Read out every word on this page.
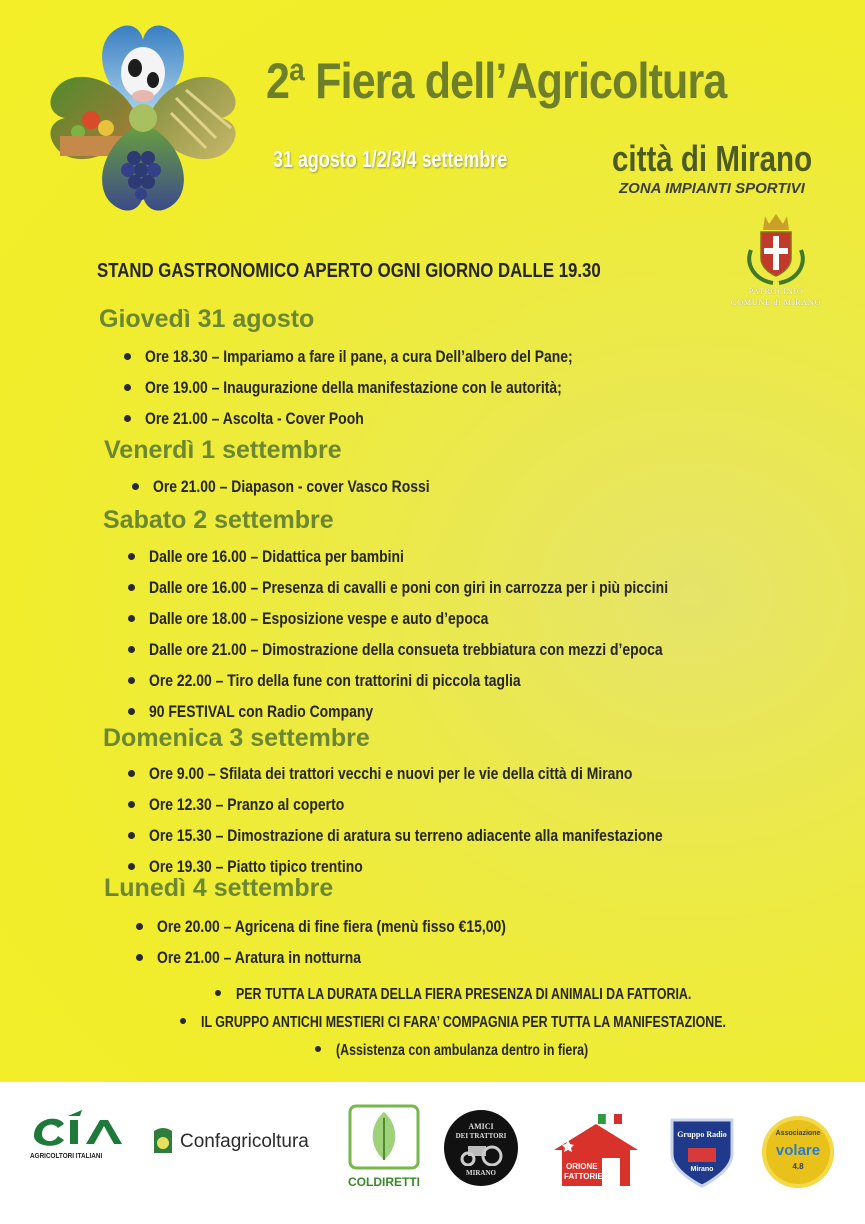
2ª Fiera dell’Agricoltura
31 agosto 1/2/3/4 settembre	città di Mirano
ZONA IMPIANTI SPORTIVI
PATROCINIO
COMUNE di MIRANO
STAND GASTRONOMICO APERTO OGNI GIORNO DALLE 19.30
Giovedì 31 agosto
Ore 18.30 – Impariamo a fare il pane, a cura Dell’albero del Pane;
Ore 19.00 – Inaugurazione della manifestazione con le autorità;
Ore 21.00 – Ascolta - Cover Pooh
Venerdì 1 settembre
Ore 21.00 – Diapason - cover Vasco Rossi
Sabato 2 settembre
Dalle ore 16.00 – Didattica per bambini
Dalle ore 16.00 – Presenza di cavalli e poni con giri in carrozza per i più piccini
Dalle ore 18.00 – Esposizione vespe e auto d’epoca
Dalle ore 21.00 – Dimostrazione della consueta trebbiatura con mezzi d’epoca
Ore 22.00 – Tiro della fune con trattorini di piccola taglia
90 FESTIVAL con Radio Company
Domenica 3 settembre
Ore 9.00 – Sfilata dei trattori vecchi e nuovi per le vie della città di Mirano
Ore 12.30 – Pranzo al coperto
Ore 15.30 – Dimostrazione di aratura su terreno adiacente alla manifestazione
Ore 19.30 – Piatto tipico trentino
Lunedì 4 settembre
Ore 20.00 – Agricena di fine fiera (menù fisso €15,00)
Ore 21.00 – Aratura in notturna
PER TUTTA LA DURATA DELLA FIERA PRESENZA DI ANIMALI DA FATTORIA.
IL GRUPPO ANTICHI MESTIERI CI FARA’ COMPAGNIA PER TUTTA LA MANIFESTAZIONE.
(Assistenza con ambulanza dentro in fiera)
AGRICOLTORI ITALIANI
Confagricoltura
COLDIRETTI
AMICI
DEI TRATTORI
MIRANO
ORIONE
FATTORIE
Gruppo Radio
Mirano
Associazione
volare
4.8
